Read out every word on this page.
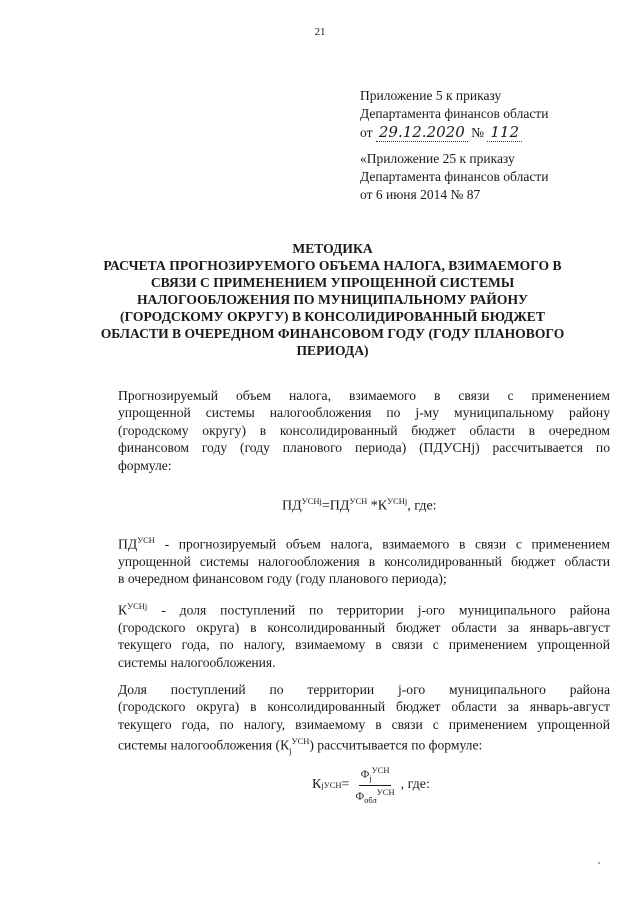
21
Приложение 5 к приказу
Департамента финансов области
от 29.12.2020 № 112
«Приложение 25 к приказу
Департамента финансов области
от 6 июня 2014 № 87
МЕТОДИКА
РАСЧЕТА ПРОГНОЗИРУЕМОГО ОБЪЕМА НАЛОГА, ВЗИМАЕМОГО В
СВЯЗИ С ПРИМЕНЕНИЕМ УПРОЩЕННОЙ СИСТЕМЫ
НАЛОГООБЛОЖЕНИЯ ПО МУНИЦИПАЛЬНОМУ РАЙОНУ
(ГОРОДСКОМУ ОКРУГУ) В КОНСОЛИДИРОВАННЫЙ БЮДЖЕТ
ОБЛАСТИ В ОЧЕРЕДНОМ ФИНАНСОВОМ ГОДУ (ГОДУ ПЛАНОВОГО
ПЕРИОДА)
Прогнозируемый объем налога, взимаемого в связи с применением
упрощенной системы налогообложения по j-му муниципальному району
(городскому округу) в консолидированный бюджет области в очередном
финансовом году (году планового периода) (ПДУСНj) рассчитывается по
формуле:
$ПД^{УСНj}=ПД^{УСН}$ $*К^{УСНj}$, где:
$ПД^{УСН}$ - прогнозируемый объем налога, взимаемого в связи с применением
упрощенной системы налогообложения в консолидированный бюджет области
в очередном финансовом году (году планового периода);
$К^{УСНj}$ - доля поступлений по территории j-ого муниципального района
(городского округа) в консолидированный бюджет области за январь-август
текущего года, по налогу, взимаемому в связи с применением упрощенной
системы налогообложения.
Доля поступлений по территории j-ого муниципального района
(городского округа) в консолидированный бюджет области за январь-август
текущего года, по налогу, взимаемому в связи с применением упрощенной
системы налогообложения $(К_j^{УСН})$ рассчитывается по формуле:
К j УСН = $\frac{Ф_j^{УСН}}{Ф_{обл}^{УСН}}$ , где:
